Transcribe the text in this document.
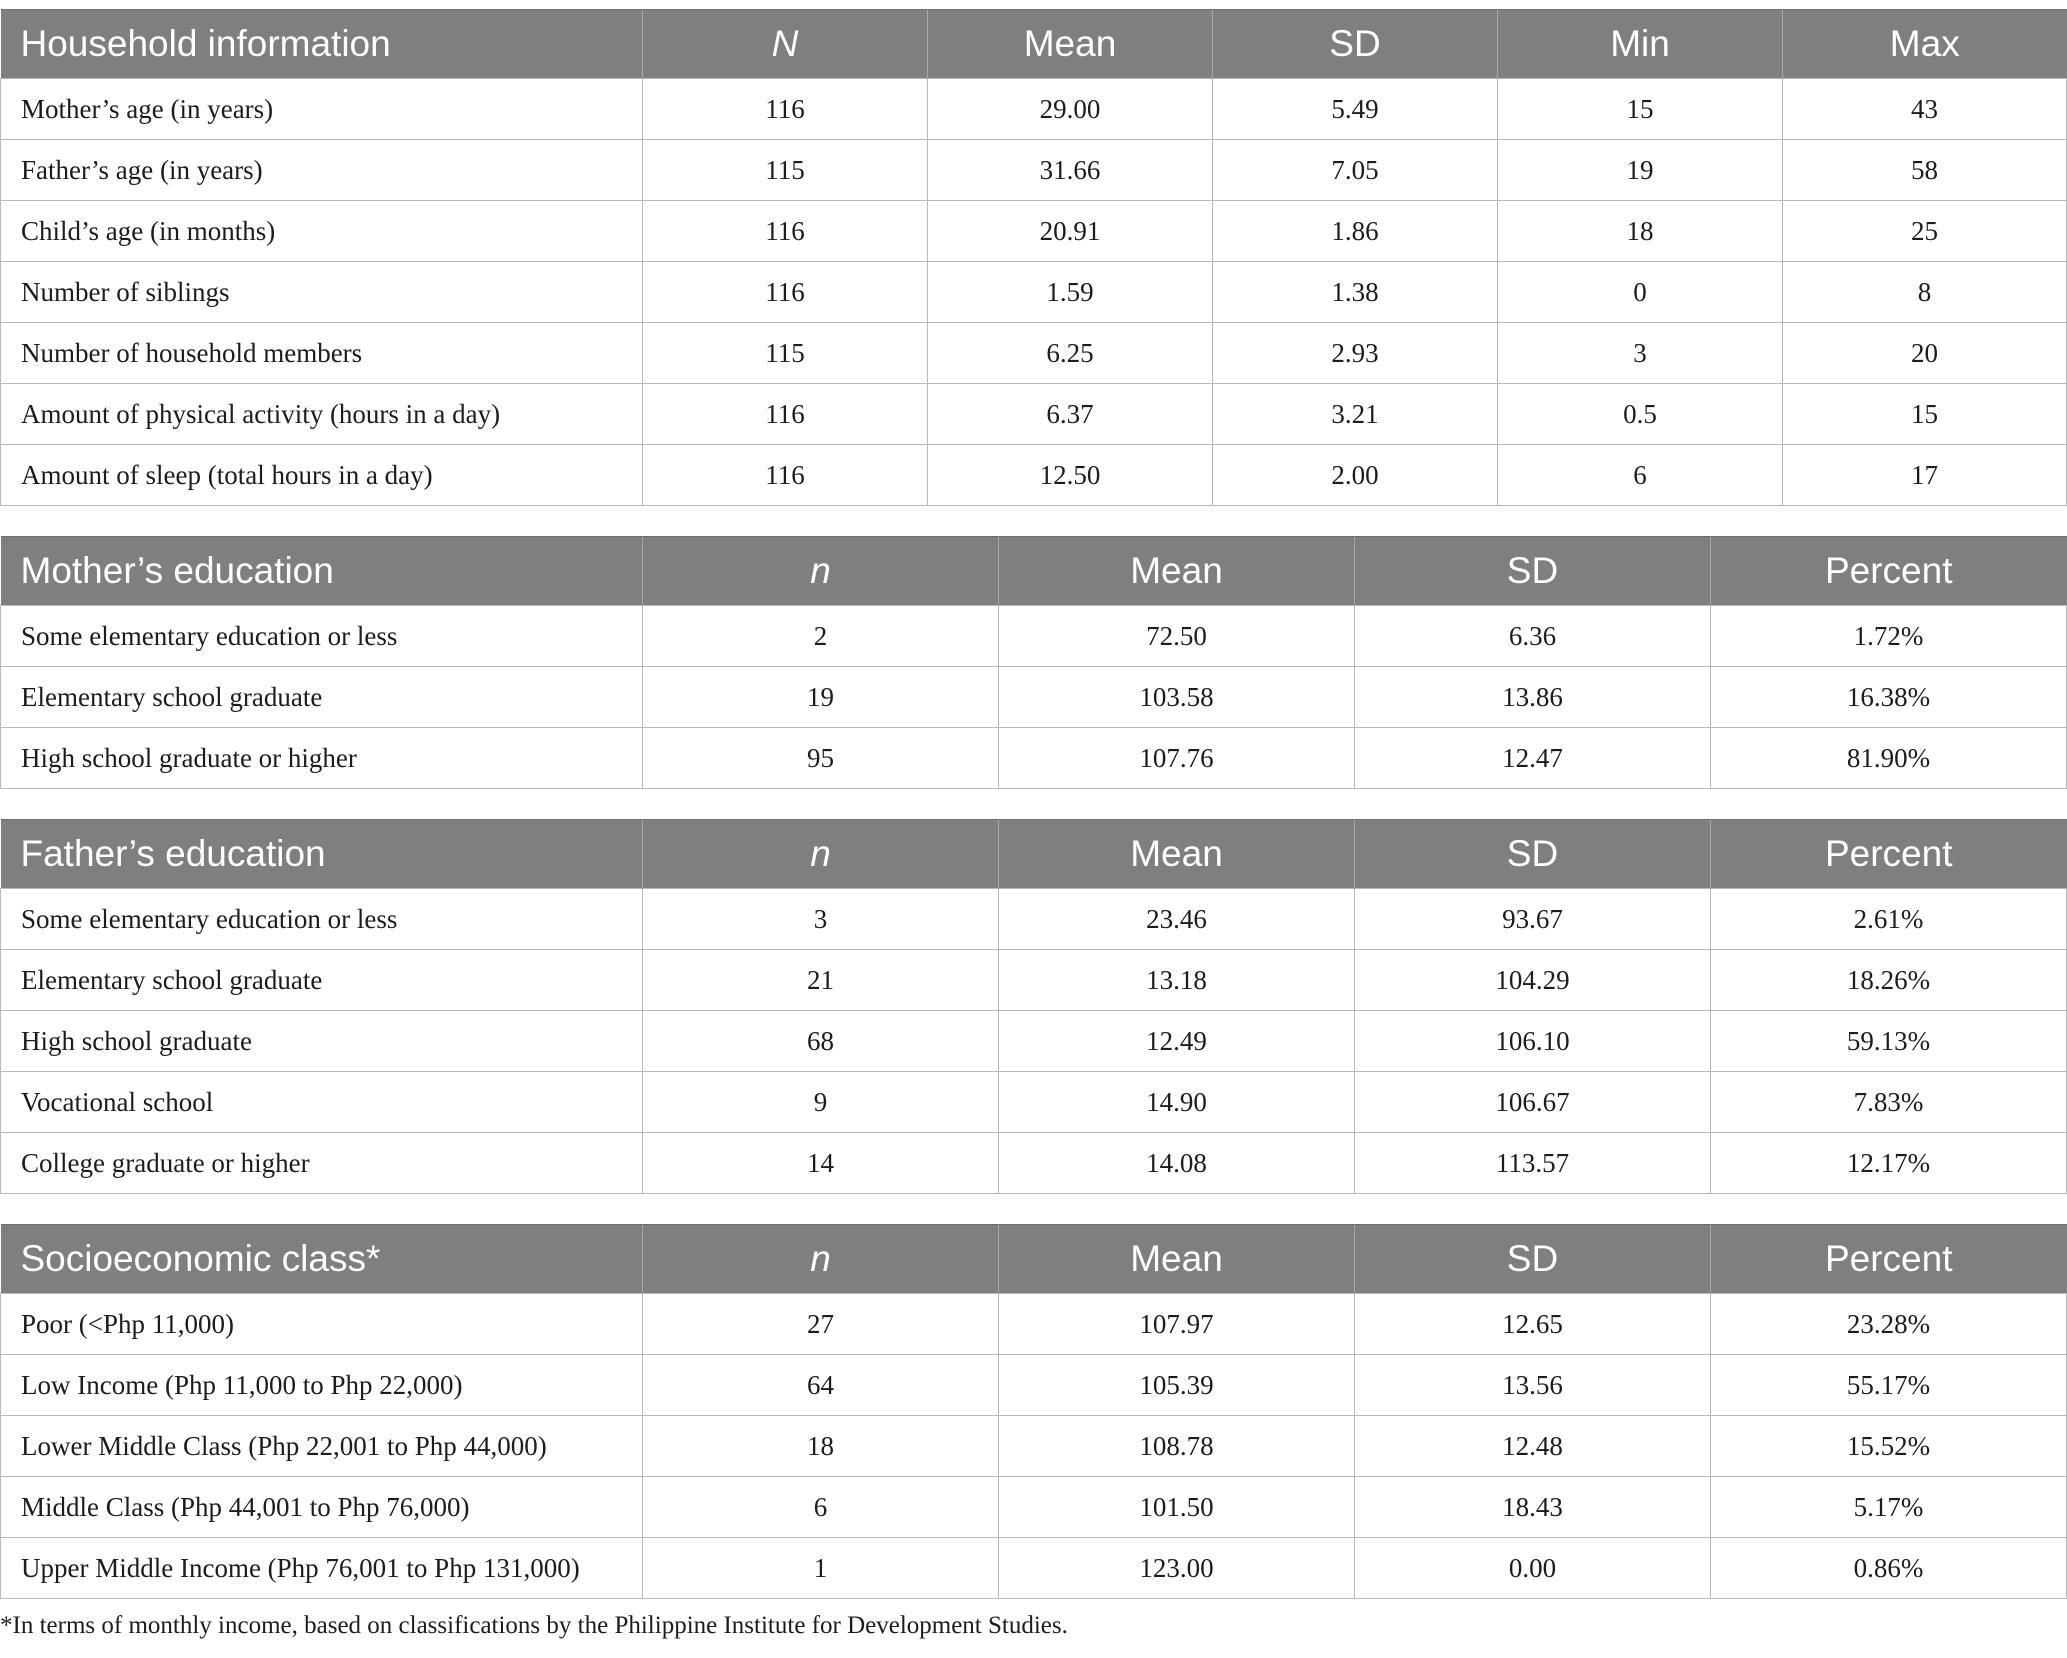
Household information	N	Mean	SD	Min	Max
Mother’s age (in years)	116	29.00	5.49	15	43
Father’s age (in years)	115	31.66	7.05	19	58
Child’s age (in months)	116	20.91	1.86	18	25
Number of siblings	116	1.59	1.38	0	8
Number of household members	115	6.25	2.93	3	20
Amount of physical activity (hours in a day)	116	6.37	3.21	0.5	15
Amount of sleep (total hours in a day)	116	12.50	2.00	6	17
Mother’s education	n	Mean	SD	Percent
Some elementary education or less	2	72.50	6.36	1.72%
Elementary school graduate	19	103.58	13.86	16.38%
High school graduate or higher	95	107.76	12.47	81.90%
Father’s education	n	Mean	SD	Percent
Some elementary education or less	3	23.46	93.67	2.61%
Elementary school graduate	21	13.18	104.29	18.26%
High school graduate	68	12.49	106.10	59.13%
Vocational school	9	14.90	106.67	7.83%
College graduate or higher	14	14.08	113.57	12.17%
Socioeconomic class*	n	Mean	SD	Percent
Poor (<Php 11,000)	27	107.97	12.65	23.28%
Low Income (Php 11,000 to Php 22,000)	64	105.39	13.56	55.17%
Lower Middle Class (Php 22,001 to Php 44,000)	18	108.78	12.48	15.52%
Middle Class (Php 44,001 to Php 76,000)	6	101.50	18.43	5.17%
Upper Middle Income (Php 76,001 to Php 131,000)	1	123.00	0.00	0.86%
*In terms of monthly income, based on classifications by the Philippine Institute for Development Studies.
